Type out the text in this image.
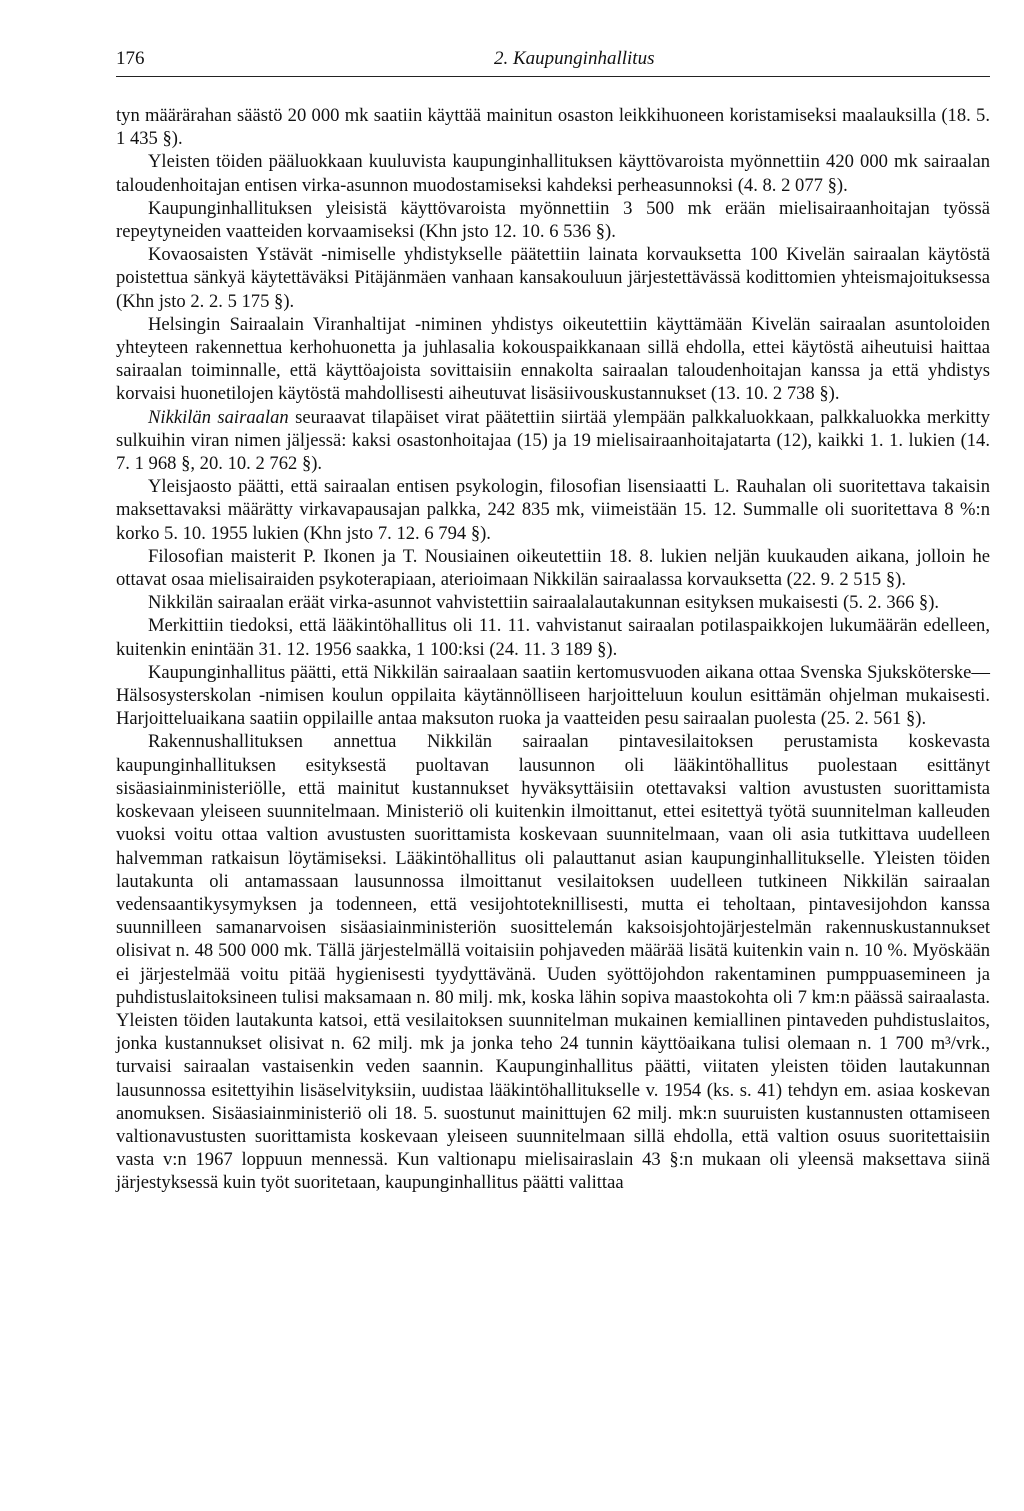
176	2. Kaupunginhallitus

tyn määrärahan säästö 20 000 mk saatiin käyttää mainitun osaston leikkihuoneen koristamiseksi maalauksilla (18. 5. 1 435 §).

Yleisten töiden pääluokkaan kuuluvista kaupunginhallituksen käyttövaroista myönnettiin 420 000 mk sairaalan taloudenhoitajan entisen virka-asunnon muodostamiseksi kahdeksi perheasunnoksi (4. 8. 2 077 §).

Kaupunginhallituksen yleisistä käyttövaroista myönnettiin 3 500 mk erään mielisairaanhoitajan työssä repeytyneiden vaatteiden korvaamiseksi (Khn jsto 12. 10. 6 536 §).

Kovaosaisten Ystävät -nimiselle yhdistykselle päätettiin lainata korvauksetta 100 Kivelän sairaalan käytöstä poistettua sänkyä käytettäväksi Pitäjänmäen vanhaan kansakouluun järjestettävässä kodittomien yhteismajoituksessa (Khn jsto 2. 2. 5 175 §).

Helsingin Sairaalain Viranhaltijat -niminen yhdistys oikeutettiin käyttämään Kivelän sairaalan asuntoloiden yhteyteen rakennettua kerhohuonetta ja juhlasalia kokouspaikkanaan sillä ehdolla, ettei käytöstä aiheutuisi haittaa sairaalan toiminnalle, että käyttöajoista sovittaisiin ennakolta sairaalan taloudenhoitajan kanssa ja että yhdistys korvaisi huonetilojen käytöstä mahdollisesti aiheutuvat lisäsiivouskustannukset (13. 10. 2 738 §).

Nikkilän sairaalan seuraavat tilapäiset virat päätettiin siirtää ylempään palkkaluokkaan, palkkaluokka merkitty sulkuihin viran nimen jäljessä: kaksi osastonhoitajaa (15) ja 19 mielisairaanhoitajatarta (12), kaikki 1. 1. lukien (14. 7. 1 968 §, 20. 10. 2 762 §).

Yleisjaosto päätti, että sairaalan entisen psykologin, filosofian lisensiaatti L. Rauhalan oli suoritettava takaisin maksettavaksi määrätty virkavapausajan palkka, 242 835 mk, viimeistään 15. 12. Summalle oli suoritettava 8 %:n korko 5. 10. 1955 lukien (Khn jsto 7. 12. 6 794 §).

Filosofian maisterit P. Ikonen ja T. Nousiainen oikeutettiin 18. 8. lukien neljän kuukauden aikana, jolloin he ottavat osaa mielisairaiden psykoterapiaan, aterioimaan Nikkilän sairaalassa korvauksetta (22. 9. 2 515 §).

Nikkilän sairaalan eräät virka-asunnot vahvistettiin sairaalalautakunnan esityksen mukaisesti (5. 2. 366 §).

Merkittiin tiedoksi, että lääkintöhallitus oli 11. 11. vahvistanut sairaalan potilaspaikkojen lukumäärän edelleen, kuitenkin enintään 31. 12. 1956 saakka, 1 100:ksi (24. 11. 3 189 §).

Kaupunginhallitus päätti, että Nikkilän sairaalaan saatiin kertomusvuoden aikana ottaa Svenska Sjuksköterske—Hälsosysterskolan -nimisen koulun oppilaita käytännölliseen harjoitteluun koulun esittämän ohjelman mukaisesti. Harjoitteluaikana saatiin oppilaille antaa maksuton ruoka ja vaatteiden pesu sairaalan puolesta (25. 2. 561 §).

Rakennushallituksen annettua Nikkilän sairaalan pintavesilaitoksen perustamista koskevasta kaupunginhallituksen esityksestä puoltavan lausunnon oli lääkintöhallitus puolestaan esittänyt sisäasiainministeriölle, että mainitut kustannukset hyväksyttäisiin otettavaksi valtion avustusten suorittamista koskevaan yleiseen suunnitelmaan. Ministeriö oli kuitenkin ilmoittanut, ettei esitettyä työtä suunnitelman kalleuden vuoksi voitu ottaa valtion avustusten suorittamista koskevaan suunnitelmaan, vaan oli asia tutkittava uudelleen halvemman ratkaisun löytämiseksi. Lääkintöhallitus oli palauttanut asian kaupunginhallitukselle. Yleisten töiden lautakunta oli antamassaan lausunnossa ilmoittanut vesilaitoksen uudelleen tutkineen Nikkilän sairaalan vedensaantikysymyksen ja todenneen, että vesijohtoteknillisesti, mutta ei teholtaan, pintavesijohdon kanssa suunnilleen samanarvoisen sisäasiainministeriön suosittelemán kaksoisjohtojärjestelmän rakennuskustannukset olisivat n. 48 500 000 mk. Tällä järjestelmällä voitaisiin pohjaveden määrää lisätä kuitenkin vain n. 10 %. Myöskään ei järjestelmää voitu pitää hygienisesti tyydyttävänä. Uuden syöttöjohdon rakentaminen pumppuasemineen ja puhdistuslaitoksineen tulisi maksamaan n. 80 milj. mk, koska lähin sopiva maastokohta oli 7 km:n päässä sairaalasta. Yleisten töiden lautakunta katsoi, että vesilaitoksen suunnitelman mukainen kemiallinen pintaveden puhdistuslaitos, jonka kustannukset olisivat n. 62 milj. mk ja jonka teho 24 tunnin käyttöaikana tulisi olemaan n. 1 700 m³/vrk., turvaisi sairaalan vastaisenkin veden saannin. Kaupunginhallitus päätti, viitaten yleisten töiden lautakunnan lausunnossa esitettyihin lisäselvityksiin, uudistaa lääkintöhallitukselle v. 1954 (ks. s. 41) tehdyn em. asiaa koskevan anomuksen. Sisäasiainministeriö oli 18. 5. suostunut mainittujen 62 milj. mk:n suuruisten kustannusten ottamiseen valtionavustusten suorittamista koskevaan yleiseen suunnitelmaan sillä ehdolla, että valtion osuus suoritettaisiin vasta v:n 1967 loppuun mennessä. Kun valtionapu mielisairaslain 43 §:n mukaan oli yleensä maksettava siinä järjestyksessä kuin työt suoritetaan, kaupunginhallitus päätti valittaa
